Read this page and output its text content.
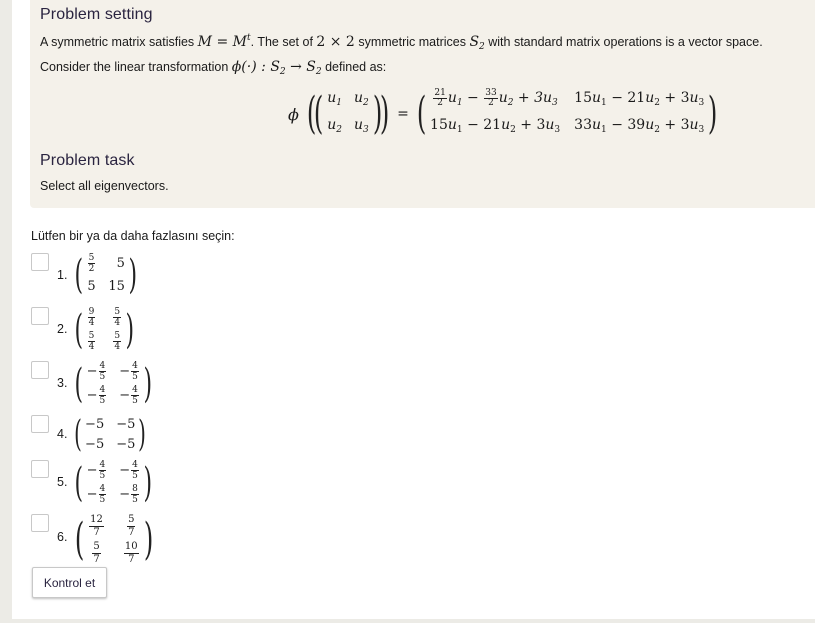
Problem setting
A symmetric matrix satisfies $M = M^t$. The set of 2 × 2 symmetric matrices $S_2$ with standard matrix operations is a vector space.
Consider the linear transformation ϕ(·) : $S_2 \to S_2$ defined as:
ϕ (
( $u_1$ $u_2$
$u_2$ $u_3$ )
) = ( $\frac{21}{2} u_1 - \frac{33}{2} u_2 + 3u_3$ $15u_1 - 21u_2 + 3u_3$
$15u_1 - 21u_2 + 3u_3$ $33u_1 - 39u_2 + 3u_3$ )
Problem task
Select all eigenvectors.
Lütfen bir ya da daha fazlasını seçin:
1. ( $\frac{5}{2}$	5
5 15 )
2. ( $\frac{9}{4} \frac{5}{4}$
$\frac{5}{4} \frac{5}{4}$ )
3. ( − $\frac{4}{5} - \frac{4}{5}$
− $\frac{4}{5} - \frac{4}{5}$ )
4. ( −5 −5
−5 −5 )
5. ( − $\frac{4}{5} - \frac{4}{5}$
− $\frac{4}{5} - \frac{8}{5}$ )
6. ( $\frac{12}{7} \frac{5}{7}$
$\frac{5}{7} \frac{10}{7}$ )
Kontrol et
